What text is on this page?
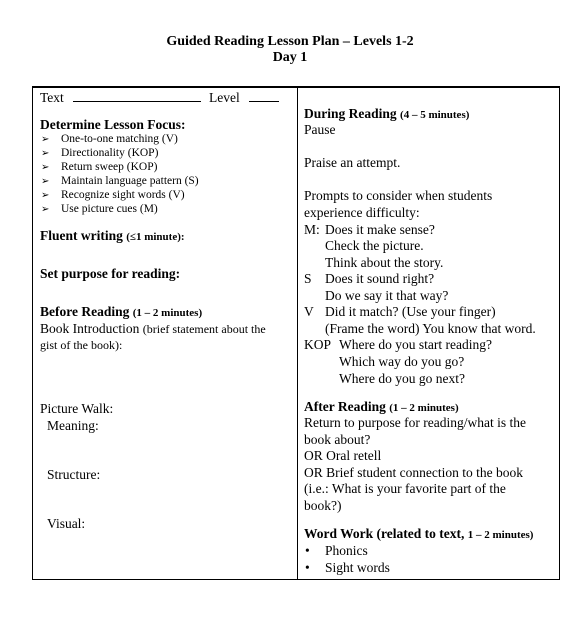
Guided Reading Lesson Plan – Levels 1-2
Day 1
Text	Level
Determine Lesson Focus:
➢ One-to-one matching (V)
➢ Directionality (KOP)
➢ Return sweep (KOP)
➢ Maintain language pattern (S)
➢ Recognize sight words (V)
➢ Use picture cues (M)
Fluent writing (≤1 minute):
Set purpose for reading:
Before Reading (1 – 2 minutes)
Book Introduction (brief statement about the
gist of the book):
Picture Walk:
Meaning:
Structure:
Visual:
During Reading (4 – 5 minutes)
Pause
Praise an attempt.
Prompts to consider when students
experience difficulty:
M: Does it make sense?
Check the picture.
Think about the story.
S Does it sound right?
Do we say it that way?
V Did it match? (Use your finger)
(Frame the word) You know that word.
KOP Where do you start reading?
Which way do you go?
Where do you go next?
After Reading (1 – 2 minutes)
Return to purpose for reading/what is the
book about?
OR Oral retell
OR Brief student connection to the book
(i.e.: What is your favorite part of the
book?)
Word Work (related to text, 1 – 2 minutes)
• Phonics
• Sight words
